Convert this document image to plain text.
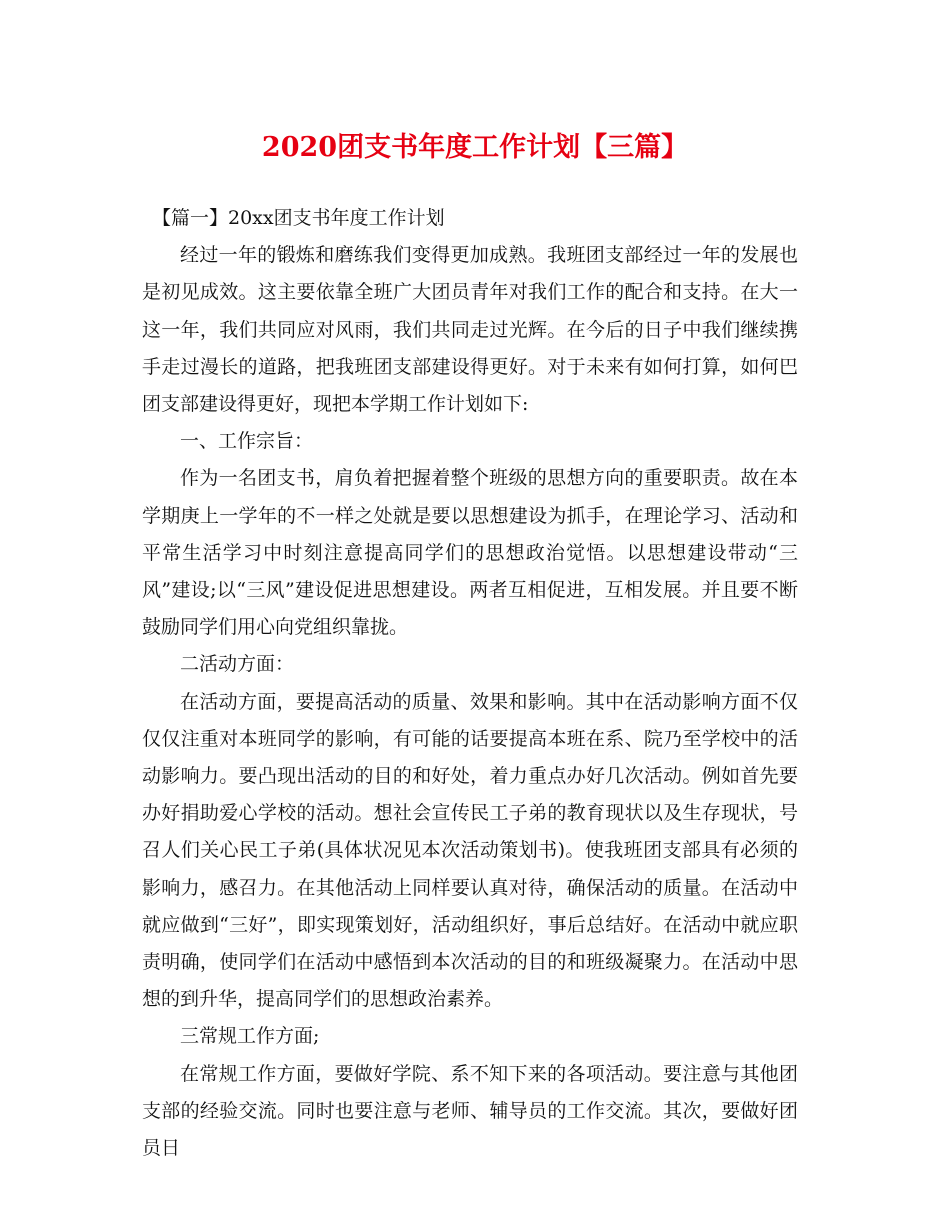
2020团支书年度工作计划【三篇】

【篇一】20xx团支书年度工作计划

经过一年的锻炼和磨练我们变得更加成熟。我班团支部经过一年的发展也是初见成效。这主要依靠全班广大团员青年对我们工作的配合和支持。在大一这一年，我们共同应对风雨，我们共同走过光辉。在今后的日子中我们继续携手走过漫长的道路，把我班团支部建设得更好。对于未来有如何打算，如何巴团支部建设得更好，现把本学期工作计划如下:

一、工作宗旨：

作为一名团支书，肩负着把握着整个班级的思想方向的重要职责。故在本学期庚上一学年的不一样之处就是要以思想建设为抓手，在理论学习、活动和平常生活学习中时刻注意提高同学们的思想政治觉悟。以思想建设带动“三风”建设;以“三风”建设促进思想建设。两者互相促进，互相发展。并且要不断鼓励同学们用心向党组织靠拢。

二活动方面：

在活动方面，要提高活动的质量、效果和影响。其中在活动影响方面不仅仅仅注重对本班同学的影响，有可能的话要提高本班在系、院乃至学校中的活动影响力。要凸现出活动的目的和好处，着力重点办好几次活动。例如首先要办好捐助爱心学校的活动。想社会宣传民工子弟的教育现状以及生存现状，号召人们关心民工子弟(具体状况见本次活动策划书)。使我班团支部具有必须的影响力，感召力。在其他活动上同样要认真对待，确保活动的质量。在活动中就应做到“三好”，即实现策划好，活动组织好，事后总结好。在活动中就应职责明确，使同学们在活动中感悟到本次活动的目的和班级凝聚力。在活动中思想的到升华，提高同学们的思想政治素养。

三常规工作方面;

在常规工作方面，要做好学院、系不知下来的各项活动。要注意与其他团支部的经验交流。同时也要注意与老师、辅导员的工作交流。其次，要做好团员日
